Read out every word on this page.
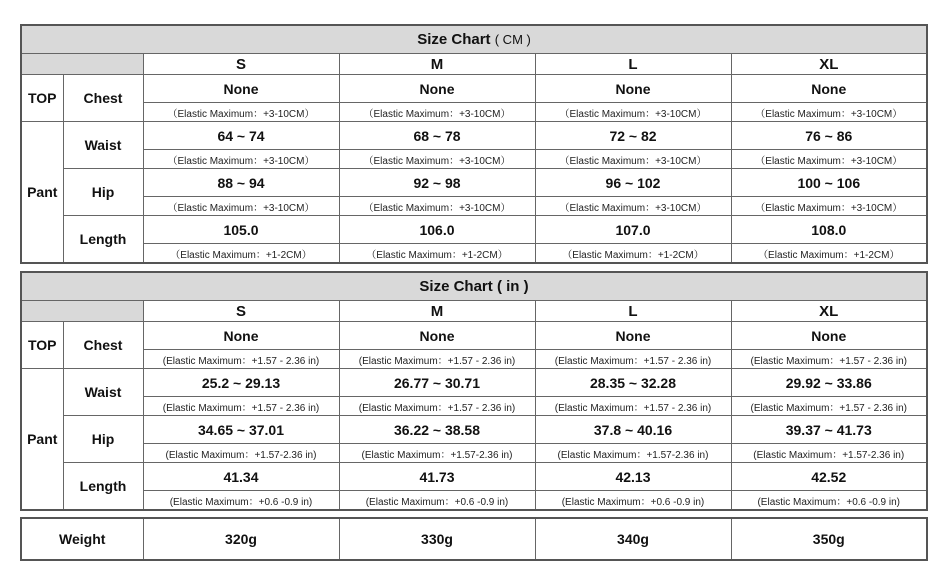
Size Chart ( CM )					
		S	M	L	XL
TOP	Chest	None	None	None	None
		（Elastic Maximum：+3-10CM）	（Elastic Maximum：+3-10CM）	（Elastic Maximum：+3-10CM）	（Elastic Maximum：+3-10CM）
Pant	Waist	64 ~ 74	68 ~ 78	72 ~ 82	76 ~ 86
		（Elastic Maximum：+3-10CM）	（Elastic Maximum：+3-10CM）	（Elastic Maximum：+3-10CM）	（Elastic Maximum：+3-10CM）
	Hip	88 ~ 94	92 ~ 98	96 ~ 102	100 ~ 106
		（Elastic Maximum：+3-10CM）	（Elastic Maximum：+3-10CM）	（Elastic Maximum：+3-10CM）	（Elastic Maximum：+3-10CM）
	Length	105.0	106.0	107.0	108.0
		（Elastic Maximum：+1-2CM）	（Elastic Maximum：+1-2CM）	（Elastic Maximum：+1-2CM）	（Elastic Maximum：+1-2CM）
Size Chart ( in )					
		S	M	L	XL
TOP	Chest	None	None	None	None
		(Elastic Maximum：+1.57 - 2.36 in)	(Elastic Maximum：+1.57 - 2.36 in)	(Elastic Maximum：+1.57 - 2.36 in)	(Elastic Maximum：+1.57 - 2.36 in)
Pant	Waist	25.2 ~ 29.13	26.77 ~ 30.71	28.35 ~ 32.28	29.92 ~ 33.86
		(Elastic Maximum：+1.57 - 2.36 in)	(Elastic Maximum：+1.57 - 2.36 in)	(Elastic Maximum：+1.57 - 2.36 in)	(Elastic Maximum：+1.57 - 2.36 in)
	Hip	34.65 ~ 37.01	36.22 ~ 38.58	37.8 ~ 40.16	39.37 ~ 41.73
		(Elastic Maximum：+1.57-2.36 in)	(Elastic Maximum：+1.57-2.36 in)	(Elastic Maximum：+1.57-2.36 in)	(Elastic Maximum：+1.57-2.36 in)
	Length	41.34	41.73	42.13	42.52
		(Elastic Maximum：+0.6 -0.9 in)	(Elastic Maximum：+0.6 -0.9 in)	(Elastic Maximum：+0.6 -0.9 in)	(Elastic Maximum：+0.6 -0.9 in)
Weight	320g	330g	340g	350g
